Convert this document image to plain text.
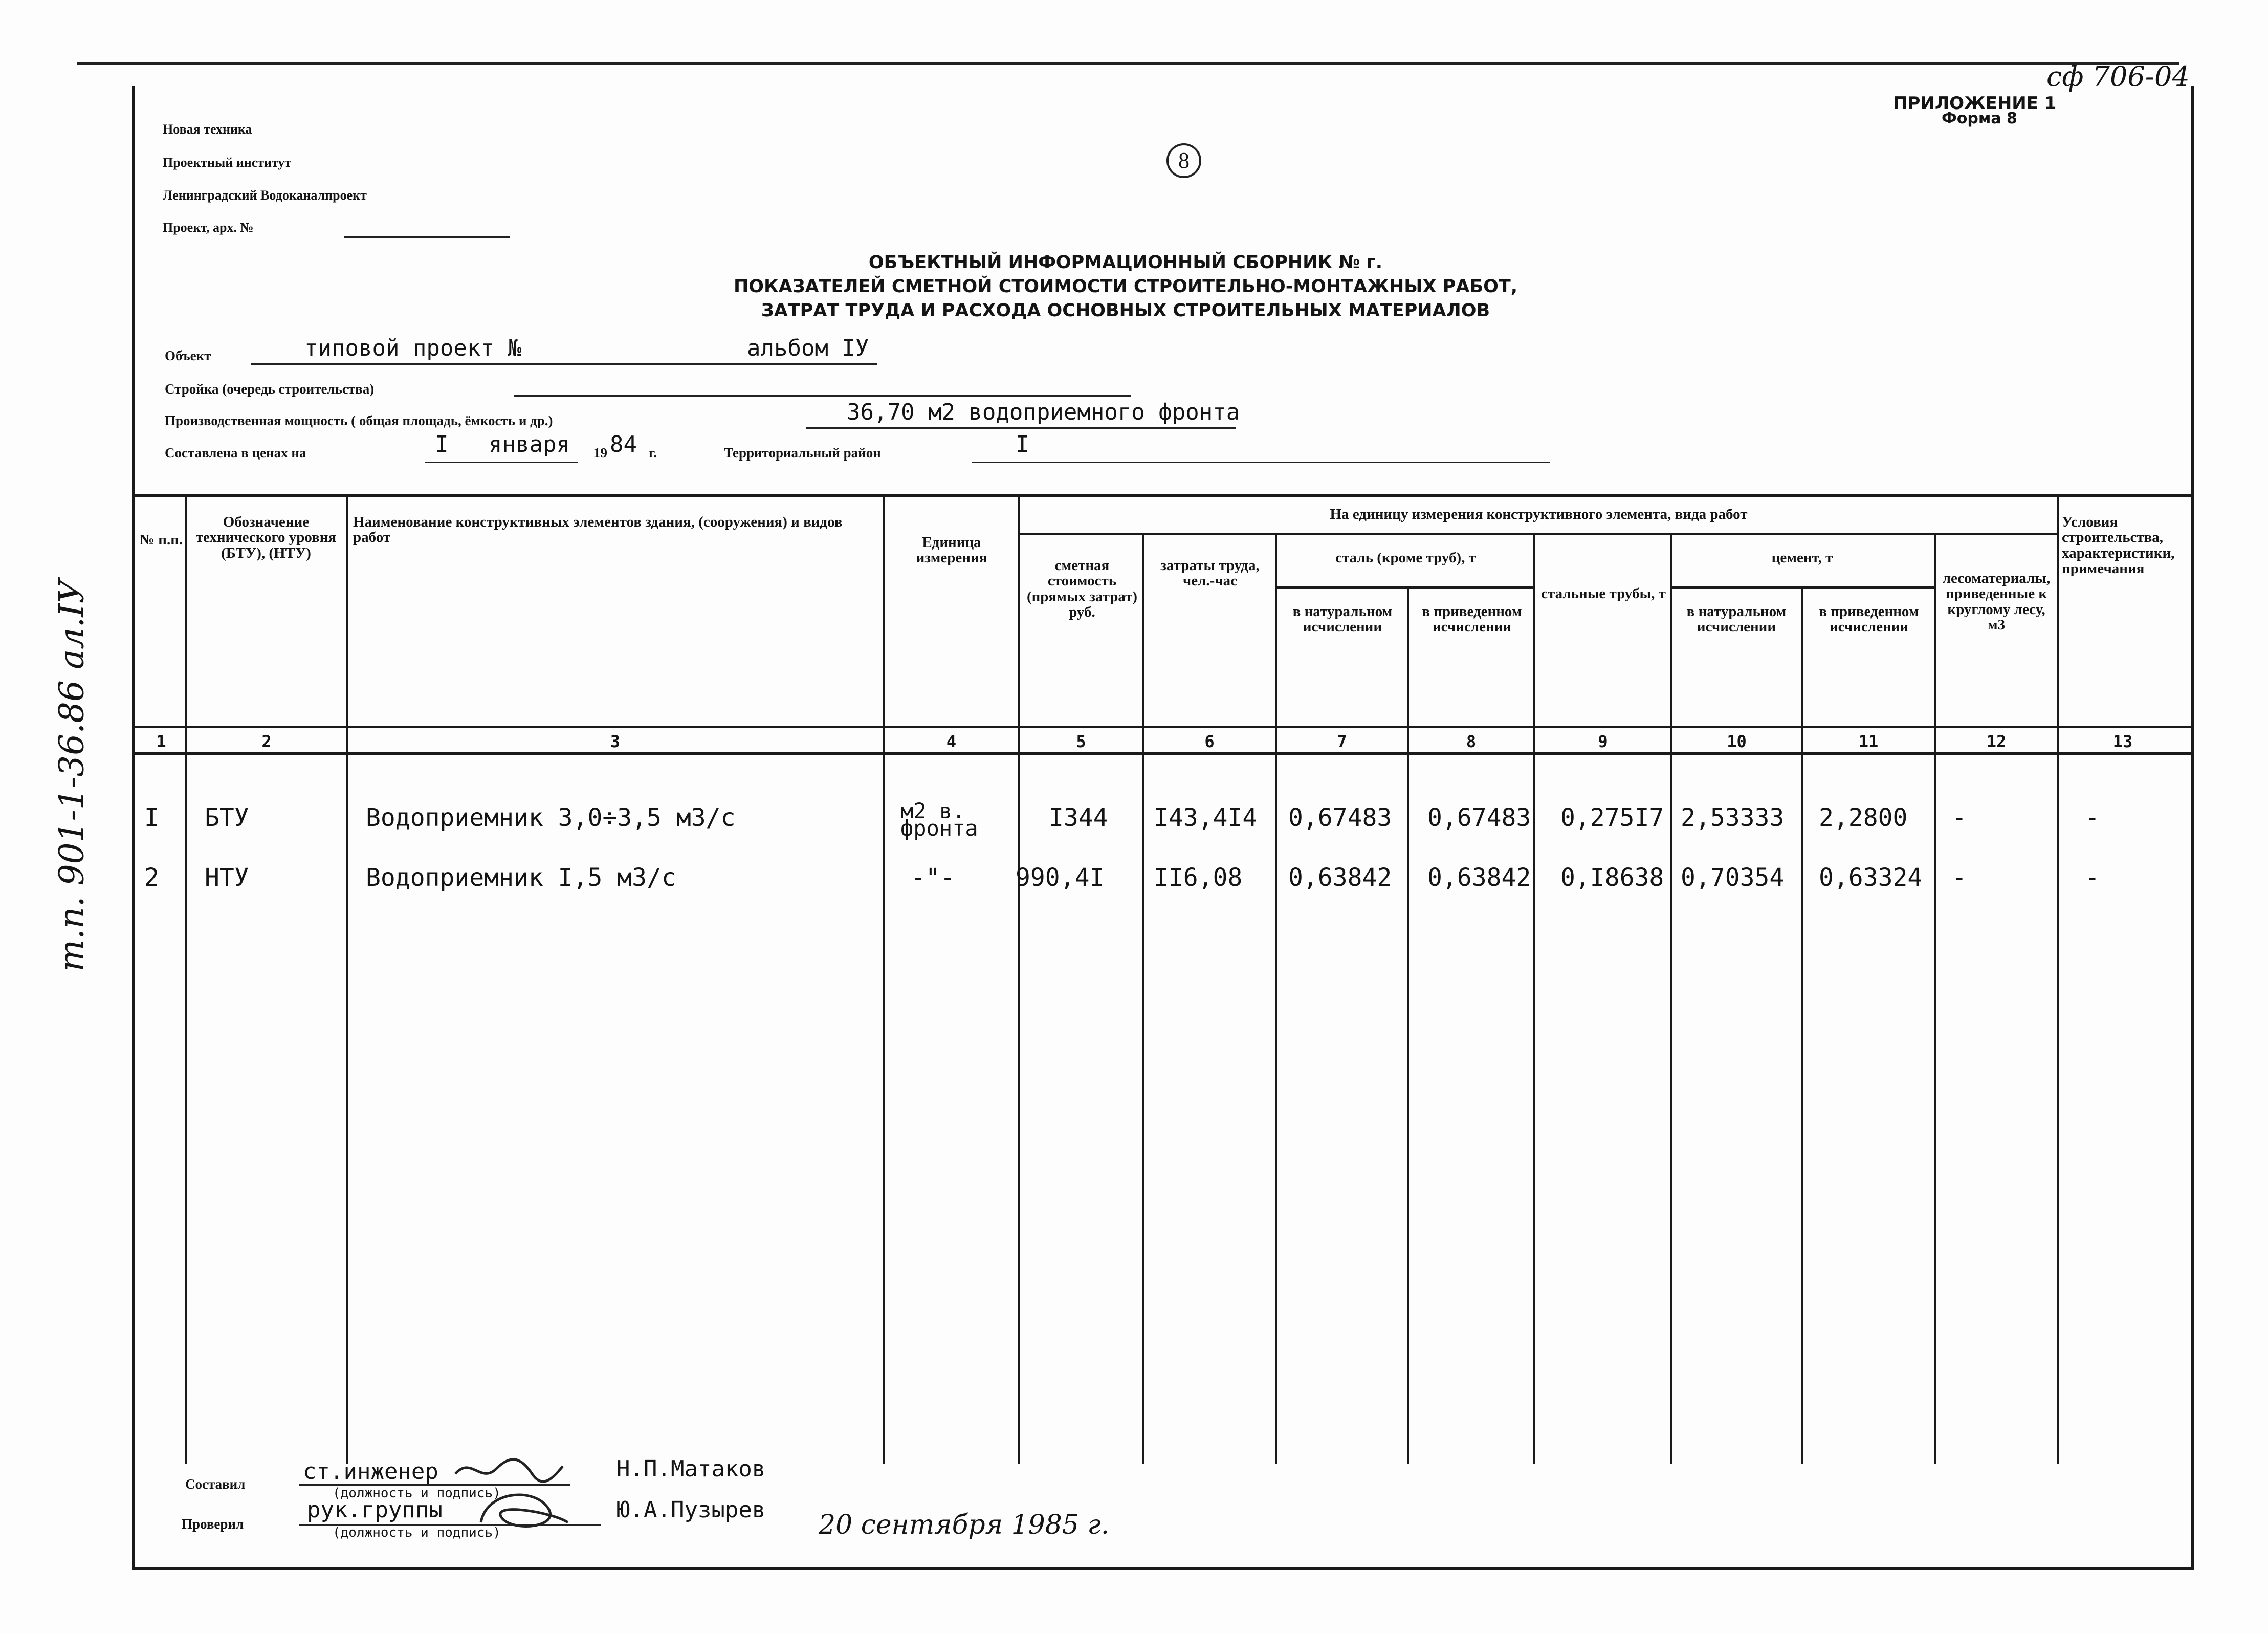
сф 706-04
ПРИЛОЖЕНИЕ 1
Форма 8
8
Новая техника
Проектный институт
Ленинградский Водоканалпроект
Проект, арх. №
ОБЪЕКТНЫЙ ИНФОРМАЦИОННЫЙ СБОРНИК № г.
ПОКАЗАТЕЛЕЙ СМЕТНОЙ СТОИМОСТИ СТРОИТЕЛЬНО-МОНТАЖНЫХ РАБОТ,
ЗАТРАТ ТРУДА И РАСХОДА ОСНОВНЫХ СТРОИТЕЛЬНЫХ МАТЕРИАЛОВ
Объект	типовой проект №	альбом IУ
Стройка (очередь строительства)
Производственная мощность ( общая площадь, ёмкость и др.)	36,70 м2 водоприемного фронта
Составлена в ценах на	I января 19 84 г.	Территориальный район	I
т.п. 901-1-36.86 ал.IУ
№ п.п.
Обозначение технического уровня (БТУ), (НТУ)
Наименование конструктивных элементов здания, (сооружения) и видов работ	Единица измерения
На единицу измерения конструктивного элемента, вида работ
сметная стоимость (прямых затрат) руб.
затраты труда, чел.-час
сталь (кроме труб), т
в натуральном исчислении
в приведенном исчислении
стальные трубы, т
цемент, т
в натуральном исчислении
в приведенном исчислении
лесоматериалы, приведенные к круглому лесу, м3
Условия строительства, характеристики, примечания
1	2	3	4	5	6	7	8	9	10	11	12	13
I БТУ	Водоприемник 3,0÷3,5 м3/с	м2 в. фронта	I344 I43,4I4 0,67483 0,67483 0,275I7 2,53333 2,2800 -	-
2 НТУ	Водоприемник I,5 м3/с	-"- 990,4I II6,08 0,63842 0,63842 0,I8638 0,70354 0,63324 -	-
Составил	ст.инженер
(должность и подпись)
Н.П.Матаков
Проверил
рук.группы
(должность и подпись)
Ю.А.Пузырев 20 сентября 1985 г.
